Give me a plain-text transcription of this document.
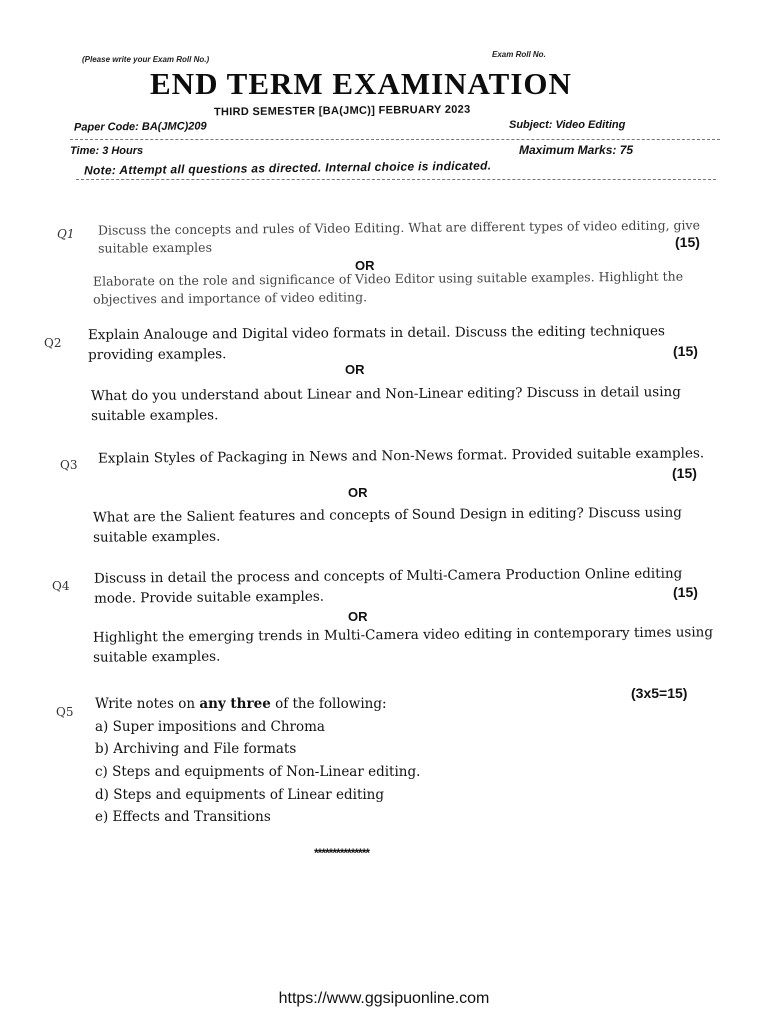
(Please write your Exam Roll No.)
Exam Roll No.
END TERM EXAMINATION
THIRD SEMESTER [BA(JMC)] FEBRUARY 2023
Paper Code: BA(JMC)209	Subject: Video Editing
Time: 3 Hours	Maximum Marks: 75
Note: Attempt all questions as directed. Internal choice is indicated.
Q1 Discuss the concepts and rules of Video Editing. What are different types of video editing, give suitable examples	(15)
OR
Elaborate on the role and significance of Video Editor using suitable examples. Highlight the objectives and importance of video editing.
Q2 Explain Analouge and Digital video formats in detail. Discuss the editing techniques providing examples.	(15)
OR
What do you understand about Linear and Non-Linear editing? Discuss in detail using suitable examples.
Q3 Explain Styles of Packaging in News and Non-News format. Provided suitable examples.
(15)
OR
What are the Salient features and concepts of Sound Design in editing? Discuss using suitable examples.
Q4 Discuss in detail the process and concepts of Multi-Camera Production Online editing mode. Provide suitable examples.	(15)
OR
Highlight the emerging trends in Multi-Camera video editing in contemporary times using suitable examples.
Q5 Write notes on any three of the following:
(3x5=15)
a) Super impositions and Chroma
b) Archiving and File formats
c) Steps and equipments of Non-Linear editing.
d) Steps and equipments of Linear editing
e) Effects and Transitions
***************
https://www.ggsipuonline.com
